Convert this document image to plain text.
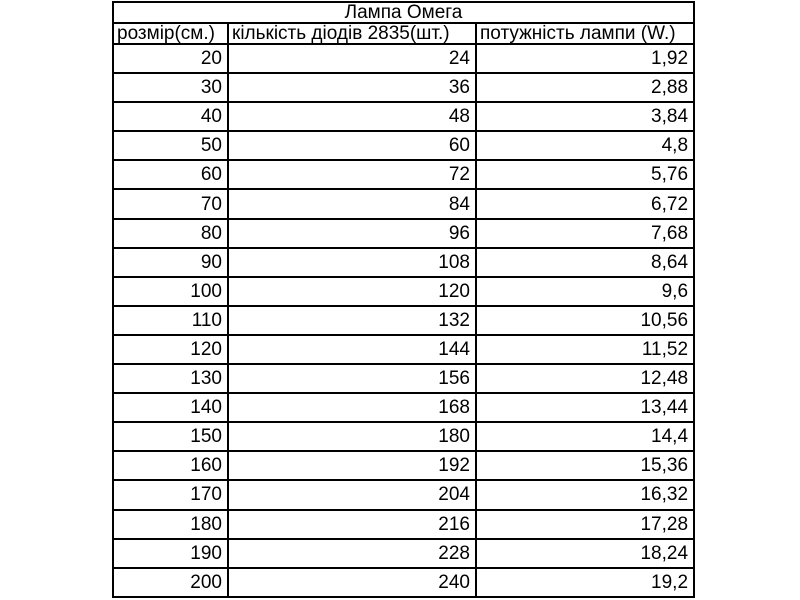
Лампа Омега		
розмір(см.)	кількість діодів 2835(шт.)	потужність лампи (W.)
20	24	1,92
30	36	2,88
40	48	3,84
50	60	4,8
60	72	5,76
70	84	6,72
80	96	7,68
90	108	8,64
100	120	9,6
110	132	10,56
120	144	11,52
130	156	12,48
140	168	13,44
150	180	14,4
160	192	15,36
170	204	16,32
180	216	17,28
190	228	18,24
200	240	19,2
